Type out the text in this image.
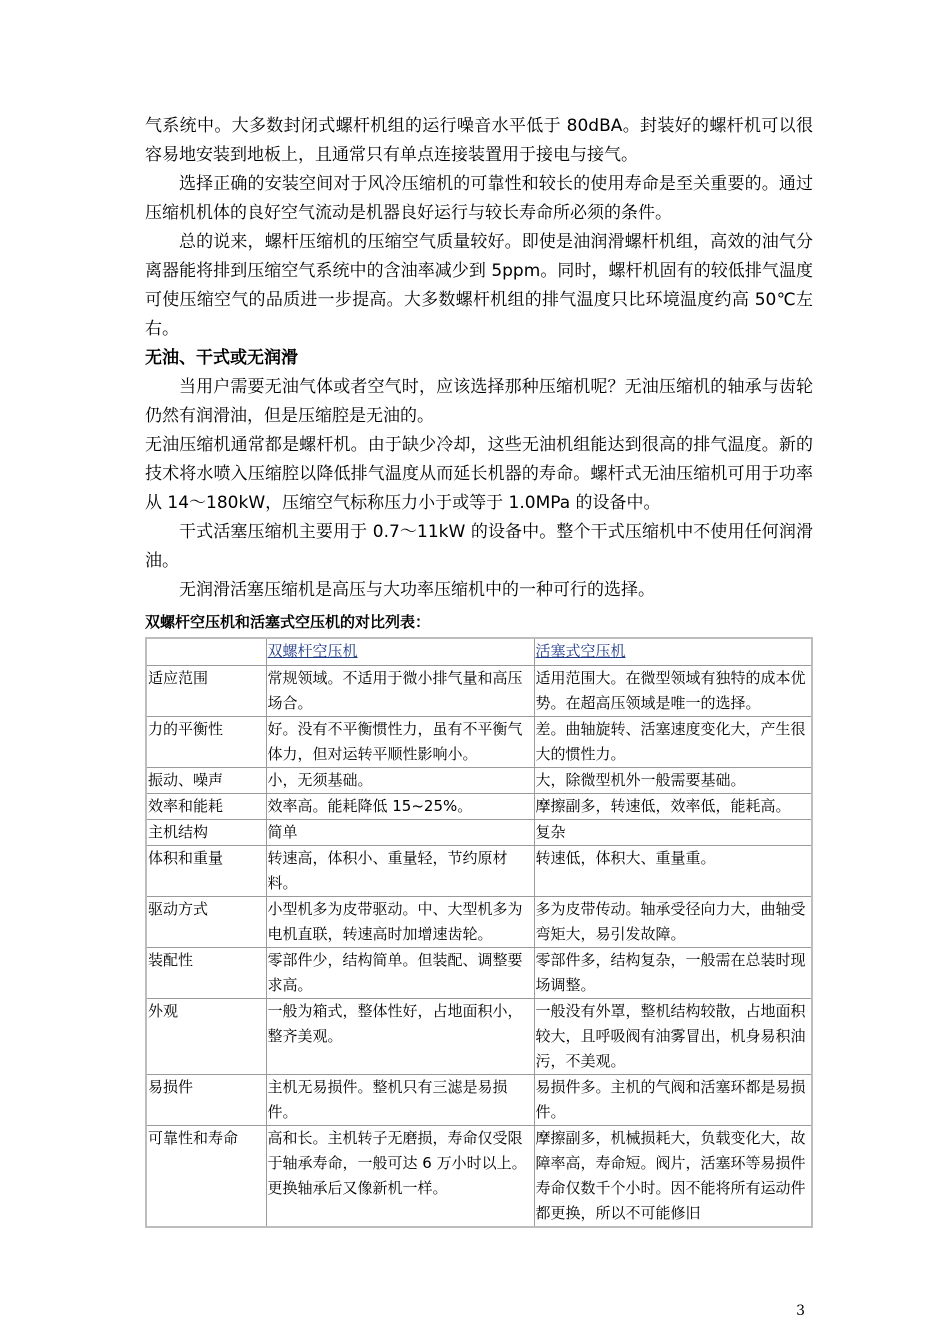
气系统中。大多数封闭式螺杆机组的运行噪音水平低于 80dBA。封装好的螺杆机可以很容易地安装到地板上，且通常只有单点连接装置用于接电与接气。

选择正确的安装空间对于风冷压缩机的可靠性和较长的使用寿命是至关重要的。通过压缩机机体的良好空气流动是机器良好运行与较长寿命所必须的条件。

总的说来，螺杆压缩机的压缩空气质量较好。即使是油润滑螺杆机组，高效的油气分离器能将排到压缩空气系统中的含油率减少到 5ppm。同时，螺杆机固有的较低排气温度可使压缩空气的品质进一步提高。大多数螺杆机组的排气温度只比环境温度约高 50℃左右。

无油、干式或无润滑

当用户需要无油气体或者空气时，应该选择那种压缩机呢？无油压缩机的轴承与齿轮仍然有润滑油，但是压缩腔是无油的。

无油压缩机通常都是螺杆机。由于缺少冷却，这些无油机组能达到很高的排气温度。新的技术将水喷入压缩腔以降低排气温度从而延长机器的寿命。螺杆式无油压缩机可用于功率从 14～180kW，压缩空气标称压力小于或等于 1.0MPa 的设备中。

干式活塞压缩机主要用于 0.7～11kW 的设备中。整个干式压缩机中不使用任何润滑油。

无润滑活塞压缩机是高压与大功率压缩机中的一种可行的选择。

双螺杆空压机和活塞式空压机的对比列表：
	双螺杆空压机	活塞式空压机
适应范围	常规领域。不适用于微小排气量和高压场合。	适用范围大。在微型领域有独特的成本优势。在超高压领域是唯一的选择。
力的平衡性	好。没有不平衡惯性力，虽有不平衡气体力，但对运转平顺性影响小。	差。曲轴旋转、活塞速度变化大，产生很大的惯性力。
振动、噪声	小，无须基础。	大，除微型机外一般需要基础。
效率和能耗	效率高。能耗降低 15~25%。	摩擦副多，转速低，效率低，能耗高。
主机结构	简单	复杂
体积和重量	转速高，体积小、重量轻，节约原材料。	转速低，体积大、重量重。
驱动方式	小型机多为皮带驱动。中、大型机多为电机直联，转速高时加增速齿轮。	多为皮带传动。轴承受径向力大，曲轴受弯矩大，易引发故障。
装配性	零部件少，结构简单。但装配、调整要求高。	零部件多，结构复杂，一般需在总装时现场调整。
外观	一般为箱式，整体性好，占地面积小，整齐美观。	一般没有外罩，整机结构较散，占地面积较大，且呼吸阀有油雾冒出，机身易积油污，不美观。
易损件	主机无易损件。整机只有三滤是易损件。	易损件多。主机的气阀和活塞环都是易损件。
可靠性和寿命	高和长。主机转子无磨损，寿命仅受限于轴承寿命，一般可达 6 万小时以上。更换轴承后又像新机一样。	摩擦副多，机械损耗大，负载变化大，故障率高，寿命短。阀片，活塞环等易损件寿命仅数千个小时。因不能将所有运动件都更换，所以不可能修旧
3
